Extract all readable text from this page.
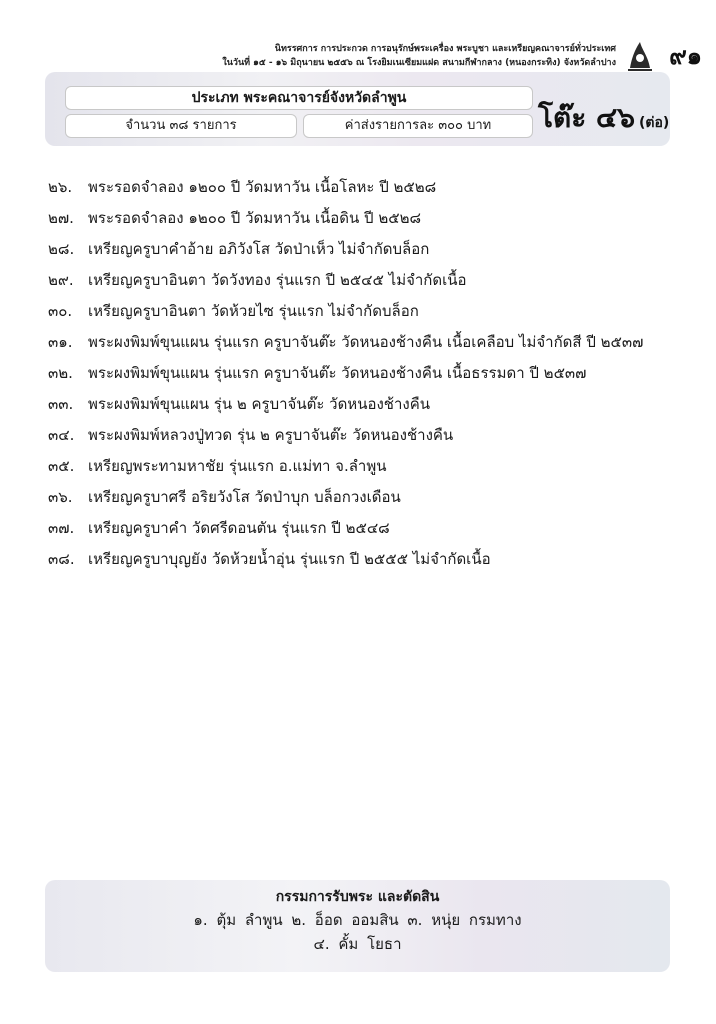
นิทรรศการ การประกวด การอนุรักษ์พระเครื่อง พระบูชา และเหรียญคณาจารย์ทั่วประเทศ
ในวันที่ ๑๕ - ๑๖ มิถุนายน ๒๕๕๖ ณ โรงยิมเนเซียมแฝด สนามกีฬากลาง (หนองกระทิง) จังหวัดลำปาง ๙๑
ประเภท พระคณาจารย์จังหวัดลำพูน
จำนวน ๓๘ รายการ	ค่าส่งรายการละ ๓๐๐ บาท	โต๊ะ ๔๖ (ต่อ)
๒๖.	พระรอดจำลอง ๑๒๐๐ ปี วัดมหาวัน เนื้อโลหะ ปี ๒๕๒๘
๒๗. พระรอดจำลอง ๑๒๐๐ ปี วัดมหาวัน เนื้อดิน ปี ๒๕๒๘
๒๘. เหรียญครูบาคำอ้าย อภิวังโส วัดป่าเห็ว ไม่จำกัดบล็อก
๒๙. เหรียญครูบาอินตา วัดวังทอง รุ่นแรก ปี ๒๕๔๕ ไม่จำกัดเนื้อ
๓๐.	เหรียญครูบาอินตา วัดห้วยไซ รุ่นแรก ไม่จำกัดบล็อก
๓๑.	พระผงพิมพ์ขุนแผน รุ่นแรก ครูบาจันต๊ะ วัดหนองช้างคืน เนื้อเคลือบ ไม่จำกัดสี ปี ๒๕๓๗
๓๒.	พระผงพิมพ์ขุนแผน รุ่นแรก ครูบาจันต๊ะ วัดหนองช้างคืน เนื้อธรรมดา ปี ๒๕๓๗
๓๓. พระผงพิมพ์ขุนแผน รุ่น ๒ ครูบาจันต๊ะ วัดหนองช้างคืน
๓๔. พระผงพิมพ์หลวงปู่ทวด รุ่น ๒ ครูบาจันต๊ะ วัดหนองช้างคืน
๓๕. เหรียญพระทามหาชัย รุ่นแรก อ.แม่ทา จ.ลำพูน
๓๖.	เหรียญครูบาศรี อริยวังโส วัดป่าบุก บล็อกวงเดือน
๓๗. เหรียญครูบาคำ วัดศรีดอนตัน รุ่นแรก ปี ๒๕๔๘
๓๘. เหรียญครูบาบุญยัง วัดห้วยน้ำอุ่น รุ่นแรก ปี ๒๕๕๕ ไม่จำกัดเนื้อ
กรรมการรับพระ และตัดสิน
๑. ตุ้ม ลำพูน ๒. อ็อด ออมสิน ๓. หนุ่ย กรมทาง
๔. คั้ม โยธา
